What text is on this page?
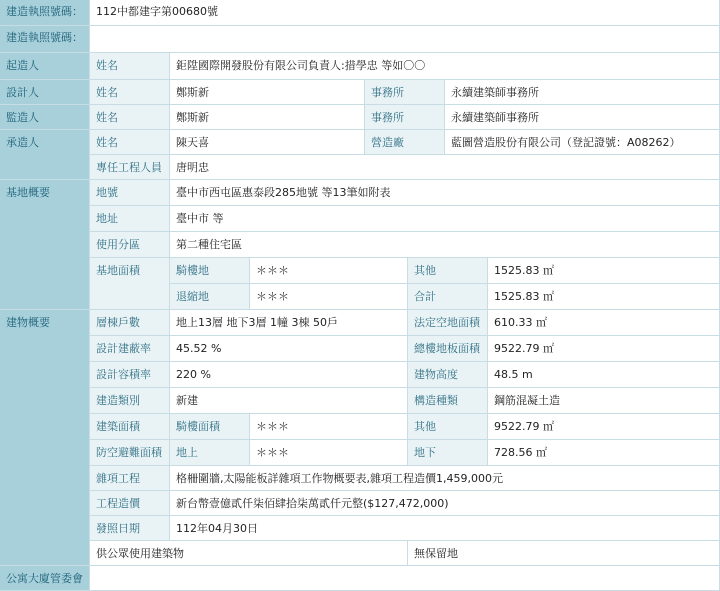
建造執照號碼：	112中都建字第00680號
建造執照號碼：
起造人	姓名	鉅陞國際開發股份有限公司負責人:措學忠 等如〇〇
設計人	姓名	鄭斯新	事務所	永續建築師事務所
監造人	姓名	鄭斯新	事務所	永續建築師事務所
承造人	姓名	陳天喜	營造廠	藍圖營造股份有限公司（登記證號：A08262）
專任工程人員	唐明忠
基地概要	地號	臺中市西屯區惠泰段285地號 等13筆如附表
地址	臺中市 等
使用分區	第二種住宅區
基地面積	騎樓地	＊＊＊	其他	1525.83 ㎡
退縮地	＊＊＊	合計	1525.83 ㎡
建物概要	層棟戶數	地上13層 地下3層 1幢 3棟 50戶	法定空地面積	610.33 ㎡
設計建蔽率	45.52 %	總樓地板面積	9522.79 ㎡
設計容積率	220 %	建物高度	48.5 m
建造類別	新建	構造種類	鋼筋混凝土造
建築面積	騎樓面積	＊＊＊	其他	9522.79 ㎡
防空避難面積	地上	＊＊＊	地下	728.56 ㎡
雜項工程	格柵圍牆,太陽能板詳雜項工作物概要表,雜項工程造價1,459,000元
工程造價	新台幣壹億貳仟柒佰肆拾柒萬貳仟元整($127,472,000)
發照日期	112年04月30日
供公眾使用建築物	無保留地
公寓大廈管委會
